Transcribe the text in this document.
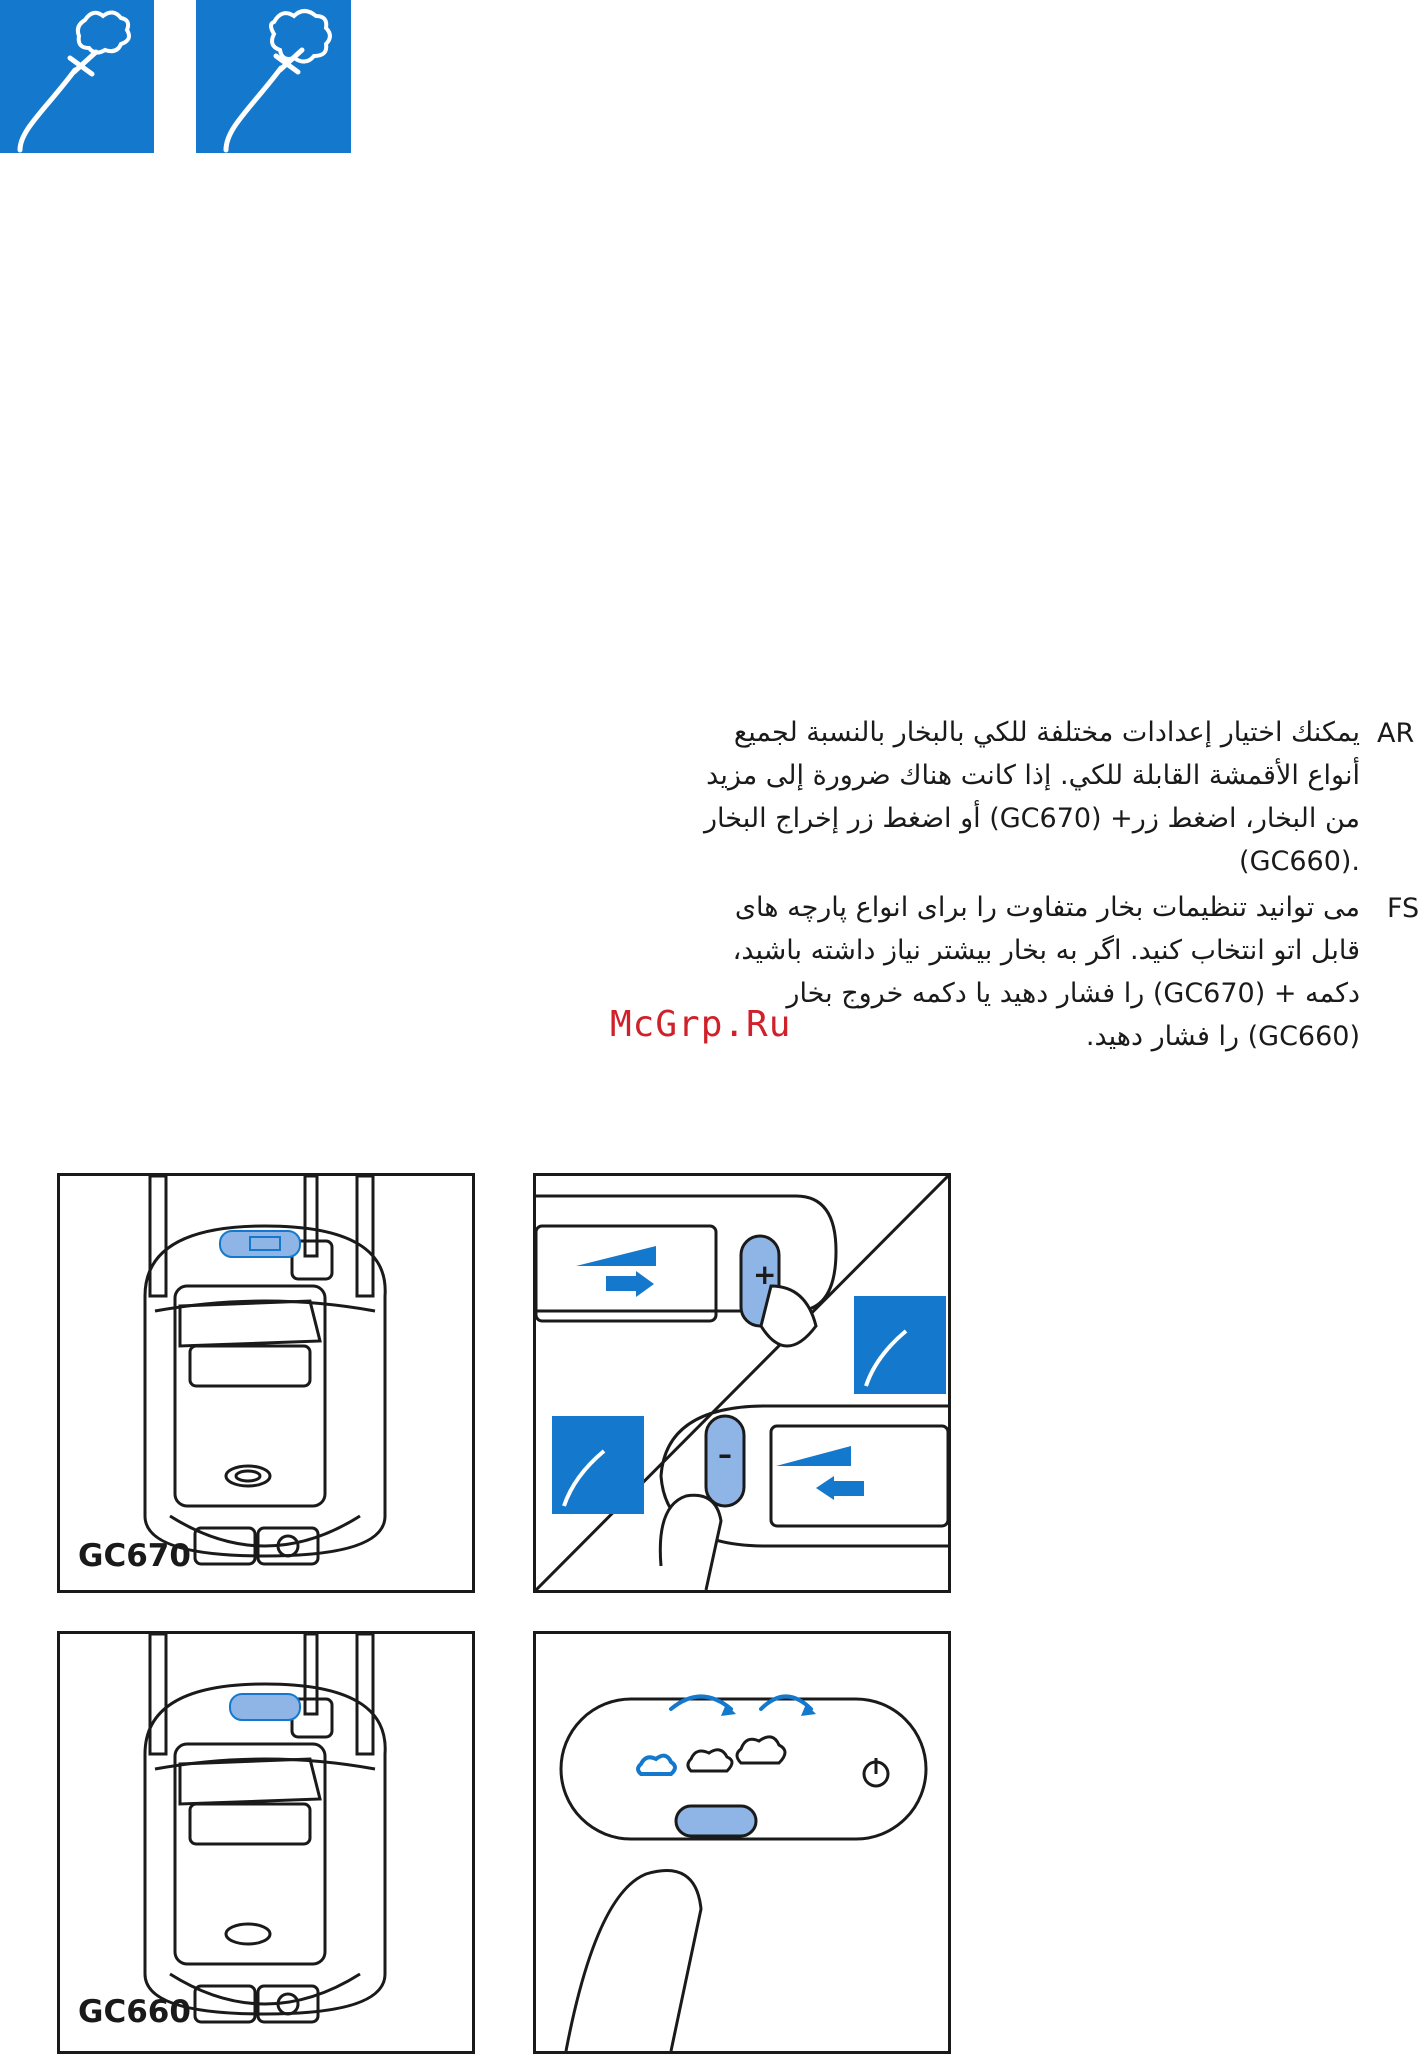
AR
يمكنك اختيار إعدادات مختلفة للكي بالبخار بالنسبة لجميع
أنواع الأقمشة القابلة للكي. إذا كانت هناك ضرورة إلى مزيد
من البخار، اضغط زر+ (GC670) أو اضغط زر إخراج البخار
.(GC660)
FS
می توانید تنظیمات بخار متفاوت را برای انواع پارچه های
قابل اتو انتخاب کنید. اگر به بخار بیشتر نیاز داشته باشید،
دکمه + (GC670) را فشار دهید یا دکمه خروج بخار
(GC660) را فشار دهید.
McGrp.Ru
GC670
+
–
GC660
